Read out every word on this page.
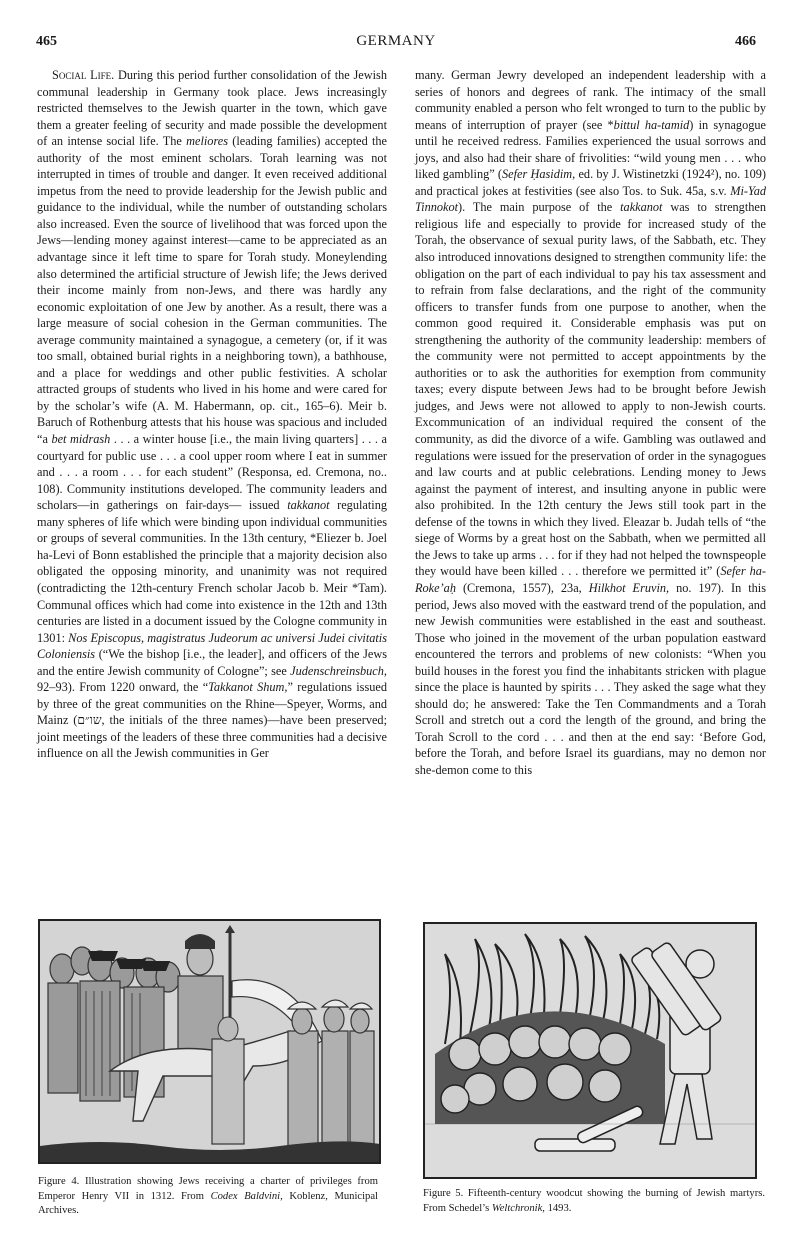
465	GERMANY	466

Social Life. During this period further consolidation of the Jewish communal leadership in Germany took place. Jews increasingly restricted themselves to the Jewish quarter in the town, which gave them a greater feeling of security and made possible the development of an intense social life. The meliores (leading families) accepted the authority of the most eminent scholars. Torah learning was not interrupted in times of trouble and danger. It even received additional impetus from the need to provide leadership for the Jewish public and guidance to the individual, while the number of outstanding scholars also increased. Even the source of livelihood that was forced upon the Jews—lending money against interest—came to be appreciated as an advantage since it left time to spare for Torah study. Moneylending also determined the artificial structure of Jewish life; the Jews derived their income mainly from non-Jews, and there was hardly any economic exploitation of one Jew by another. As a result, there was a large measure of social cohesion in the German communities. The average community maintained a synagogue, a cemetery (or, if it was too small, obtained burial rights in a neighboring town), a bathhouse, and a place for weddings and other public festivities. A scholar attracted groups of students who lived in his home and were cared for by the scholar’s wife (A. M. Habermann, op. cit., 165–6). Meir b. Baruch of Rothenburg attests that his house was spacious and included “a bet midrash . . . a winter house [i.e., the main living quarters] . . . a courtyard for public use . . . a cool upper room where I eat in summer and . . . a room . . . for each student” (Responsa, ed. Cremona, no.. 108). Community institutions developed. The community leaders and scholars—in gatherings on fair-days— issued takkanot regulating many spheres of life which were binding upon individual communities or groups of several communities. In the 13th century, *Eliezer b. Joel ha-Levi of Bonn established the principle that a majority decision also obligated the opposing minority, and unanimity was not required (contradicting the 12th-century French scholar Jacob b. Meir *Tam). Communal offices which had come into existence in the 12th and 13th centuries are listed in a document issued by the Cologne community in 1301: Nos Episcopus, magistratus Judeorum ac universi Judei civitatis Coloniensis (“We the bishop [i.e., the leader], and officers of the Jews and the entire Jewish community of Cologne”; see Judenschreinsbuch, 92–93). From 1220 onward, the “Takkanot Shum,” regulations issued by three of the great communities on the Rhine—Speyer, Worms, and Mainz (שו״ם, the initials of the three names)—have been preserved; joint meetings of the leaders of these three communities had a decisive influence on all the Jewish communities in Ger

many. German Jewry developed an independent leadership with a series of honors and degrees of rank. The intimacy of the small community enabled a person who felt wronged to turn to the public by means of interruption of prayer (see *bittul ha-tamid) in synagogue until he received redress. Families experienced the usual sorrows and joys, and also had their share of frivolities: “wild young men . . . who liked gambling” (Sefer Ḥasidim, ed. by J. Wistinetzki (1924²), no. 109) and practical jokes at festivities (see also Tos. to Suk. 45a, s.v. Mi-Yad Tinnokot). The main purpose of the takkanot was to strengthen religious life and especially to provide for increased study of the Torah, the observance of sexual purity laws, of the Sabbath, etc. They also introduced innovations designed to strengthen community life: the obligation on the part of each individual to pay his tax assessment and to refrain from false declarations, and the right of the community officers to transfer funds from one purpose to another, when the common good required it. Considerable emphasis was put on strengthening the authority of the community leadership: members of the community were not permitted to accept appointments by the authorities or to ask the authorities for exemption from community taxes; every dispute between Jews had to be brought before Jewish judges, and Jews were not allowed to apply to non-Jewish courts. Excommunication of an individual required the consent of the community, as did the divorce of a wife. Gambling was outlawed and regulations were issued for the preservation of order in the synagogues and law courts and at public celebrations. Lending money to Jews against the payment of interest, and insulting anyone in public were also prohibited. In the 12th century the Jews still took part in the defense of the towns in which they lived. Eleazar b. Judah tells of “the siege of Worms by a great host on the Sabbath, when we permitted all the Jews to take up arms . . . for if they had not helped the townspeople they would have been killed . . . therefore we permitted it” (Sefer ha-Roke’aḥ (Cremona, 1557), 23a, Hilkhot Eruvin, no. 197). In this period, Jews also moved with the eastward trend of the population, and new Jewish communities were established in the east and southeast. Those who joined in the movement of the urban population eastward encountered the terrors and problems of new colonists: “When you build houses in the forest you find the inhabitants stricken with plague since the place is haunted by spirits . . . They asked the sage what they should do; he answered: Take the Ten Commandments and a Torah Scroll and stretch out a cord the length of the ground, and bring the Torah Scroll to the cord . . . and then at the end say: ‘Before God, before the Torah, and before Israel its guardians, may no demon nor she-demon come to this

Figure 4. Illustration showing Jews receiving a charter of privileges from Emperor Henry VII in 1312. From Codex Baldvini, Koblenz, Municipal Archives.
Figure 5. Fifteenth-century woodcut showing the burning of Jewish martyrs. From Schedel’s Weltchronik, 1493.
